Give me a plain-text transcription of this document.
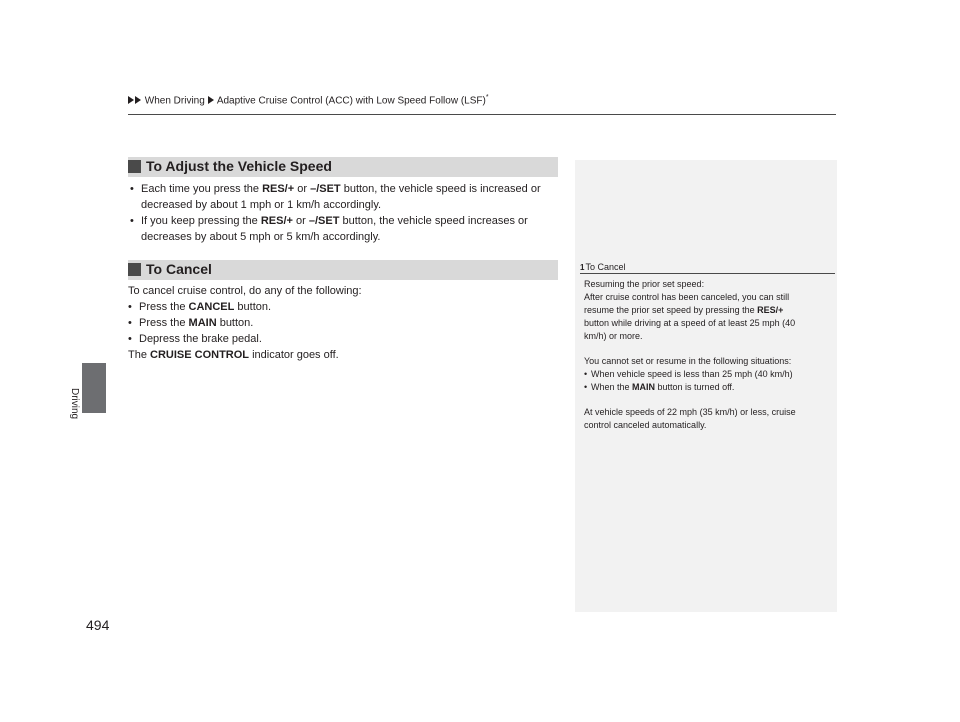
When Driving Adaptive Cruise Control (ACC) with Low Speed Follow (LSF)*
Driving
494
To Adjust the Vehicle Speed
• Each time you press the RES/+ or –/SET button, the vehicle speed is increased or
decreased by about 1 mph or 1 km/h accordingly.
• If you keep pressing the RES/+ or –/SET button, the vehicle speed increases or
decreases by about 5 mph or 5 km/h accordingly.
To Cancel
To cancel cruise control, do any of the following:
• Press the CANCEL button.
• Press the MAIN button.
• Depress the brake pedal.
The CRUISE CONTROL indicator goes off.
1To Cancel
Resuming the prior set speed:
After cruise control has been canceled, you can still
resume the prior set speed by pressing the RES/+
button while driving at a speed of at least 25 mph (40
km/h) or more.
You cannot set or resume in the following situations:
• When vehicle speed is less than 25 mph (40 km/h)
• When the MAIN button is turned off.
At vehicle speeds of 22 mph (35 km/h) or less, cruise
control canceled automatically.
